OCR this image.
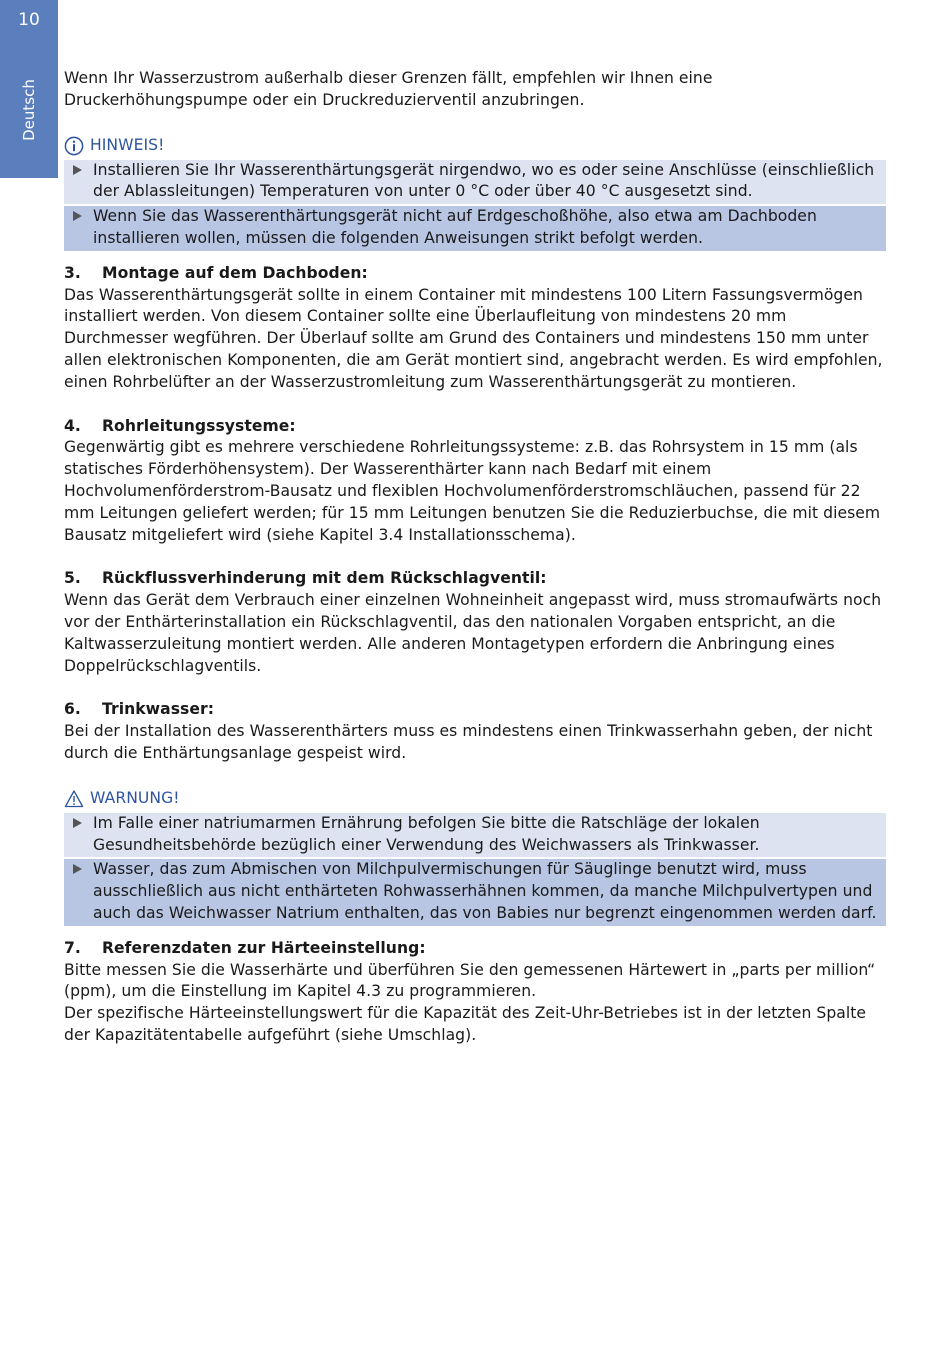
10
Deutsch

Wenn Ihr Wasserzustrom außerhalb dieser Grenzen fällt, empfehlen wir Ihnen eine Druckerhöhungspumpe oder ein Druckreduzierventil anzubringen.

HINWEIS!
Installieren Sie Ihr Wasserenthärtungsgerät nirgendwo, wo es oder seine Anschlüsse (einschließlich der Ablassleitungen) Temperaturen von unter 0 °C oder über 40 °C ausgesetzt sind.
Wenn Sie das Wasserenthärtungsgerät nicht auf Erdgeschoßhöhe, also etwa am Dachboden installieren wollen, müssen die folgenden Anweisungen strikt befolgt werden.
3.	Montage auf dem Dachboden:

Das Wasserenthärtungsgerät sollte in einem Container mit mindestens 100 Litern Fassungsvermögen installiert werden. Von diesem Container sollte eine Überlaufleitung von mindestens 20 mm Durchmesser wegführen. Der Überlauf sollte am Grund des Containers und mindestens 150 mm unter allen elektronischen Komponenten, die am Gerät montiert sind, angebracht werden. Es wird empfohlen, einen Rohrbelüfter an der Wasserzustromleitung zum Wasserenthärtungsgerät zu montieren.

4.	Rohrleitungssysteme:

Gegenwärtig gibt es mehrere verschiedene Rohrleitungssysteme: z.B. das Rohrsystem in 15 mm (als statisches Förderhöhensystem). Der Wasserenthärter kann nach Bedarf mit einem Hochvolumenförderstrom-Bausatz und flexiblen Hochvolumenförderstromschläuchen, passend für 22 mm Leitungen geliefert werden; für 15 mm Leitungen benutzen Sie die Reduzierbuchse, die mit diesem Bausatz mitgeliefert wird (siehe Kapitel 3.4 Installationsschema).

5.	Rückflussverhinderung mit dem Rückschlagventil:

Wenn das Gerät dem Verbrauch einer einzelnen Wohneinheit angepasst wird, muss stromaufwärts noch vor der Enthärterinstallation ein Rückschlagventil, das den nationalen Vorgaben entspricht, an die Kaltwasserzuleitung montiert werden. Alle anderen Montagetypen erfordern die Anbringung eines Doppelrückschlagventils.

6.	Trinkwasser:

Bei der Installation des Wasserenthärters muss es mindestens einen Trinkwasserhahn geben, der nicht durch die Enthärtungsanlage gespeist wird.

WARNUNG!
Im Falle einer natriumarmen Ernährung befolgen Sie bitte die Ratschläge der lokalen Gesundheitsbehörde bezüglich einer Verwendung des Weichwassers als Trinkwasser.
Wasser, das zum Abmischen von Milchpulvermischungen für Säuglinge benutzt wird, muss ausschließlich aus nicht enthärteten Rohwasserhähnen kommen, da manche Milchpulvertypen und auch das Weichwasser Natrium enthalten, das von Babies nur begrenzt eingenommen werden darf.
7.	Referenzdaten zur Härteeinstellung:

Bitte messen Sie die Wasserhärte und überführen Sie den gemessenen Härtewert in „parts per million“ (ppm), um die Einstellung im Kapitel 4.3 zu programmieren.

Der spezifische Härteeinstellungswert für die Kapazität des Zeit-Uhr-Betriebes ist in der letzten Spalte der Kapazitätentabelle aufgeführt (siehe Umschlag).
